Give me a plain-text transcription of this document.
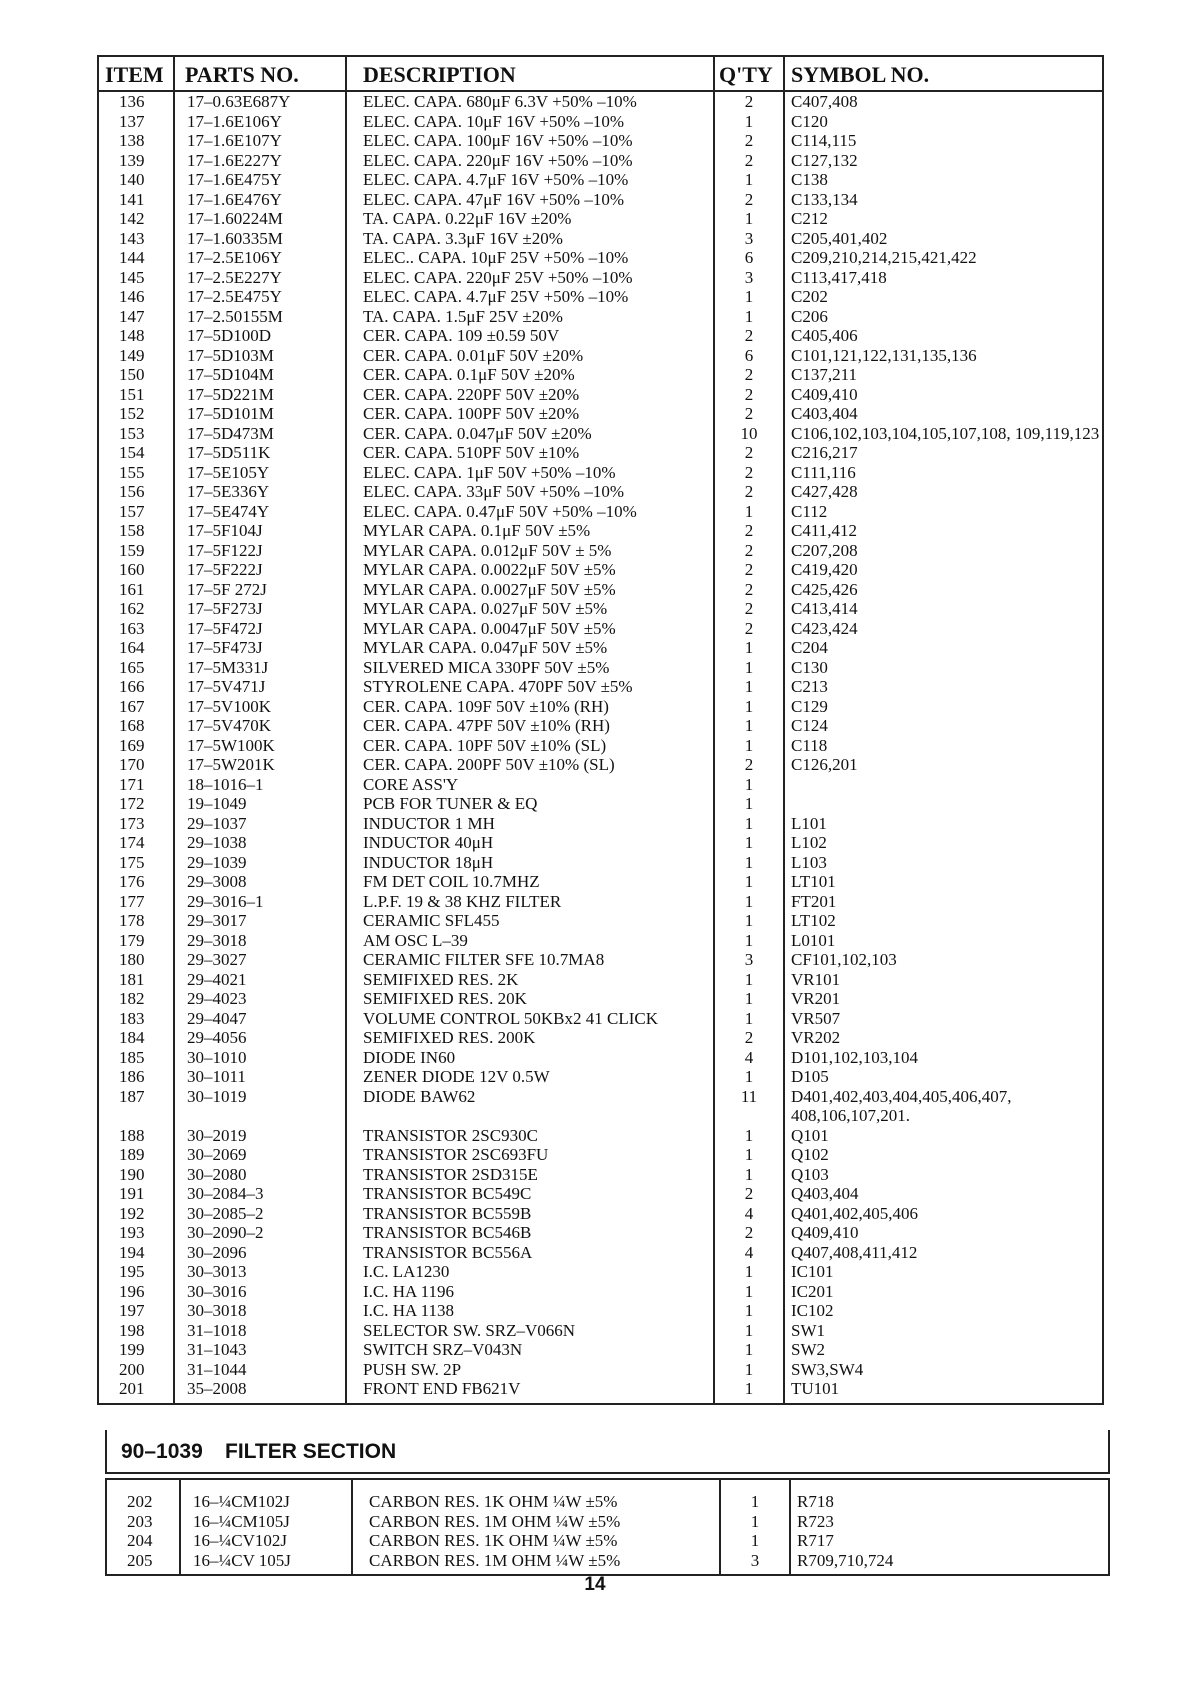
ITEM	PARTS NO.	DESCRIPTION	Q'TY	SYMBOL NO.
136	17–0.63E687Y	ELEC. CAPA. 680μF 6.3V +50% –10%	2	C407,408
137	17–1.6E106Y	ELEC. CAPA. 10μF 16V +50% –10%	1	C120
138	17–1.6E107Y	ELEC. CAPA. 100μF 16V +50% –10%	2	C114,115
139	17–1.6E227Y	ELEC. CAPA. 220μF 16V +50% –10%	2	C127,132
140	17–1.6E475Y	ELEC. CAPA. 4.7μF 16V +50% –10%	1	C138
141	17–1.6E476Y	ELEC. CAPA. 47μF 16V +50% –10%	2	C133,134
142	17–1.60224M	TA. CAPA. 0.22μF 16V ±20%	1	C212
143	17–1.60335M	TA. CAPA. 3.3μF 16V ±20%	3	C205,401,402
144	17–2.5E106Y	ELEC.. CAPA. 10μF 25V +50% –10%	6	C209,210,214,215,421,422
145	17–2.5E227Y	ELEC. CAPA. 220μF 25V +50% –10%	3	C113,417,418
146	17–2.5E475Y	ELEC. CAPA. 4.7μF 25V +50% –10%	1	C202
147	17–2.50155M	TA. CAPA. 1.5μF 25V ±20%	1	C206
148	17–5D100D	CER. CAPA. 109 ±0.59 50V	2	C405,406
149	17–5D103M	CER. CAPA. 0.01μF 50V ±20%	6	C101,121,122,131,135,136
150	17–5D104M	CER. CAPA. 0.1μF 50V ±20%	2	C137,211
151	17–5D221M	CER. CAPA. 220PF 50V ±20%	2	C409,410
152	17–5D101M	CER. CAPA. 100PF 50V ±20%	2	C403,404
153	17–5D473M	CER. CAPA. 0.047μF 50V ±20%	10	C106,102,103,104,105,107,108, 109,119,123
154	17–5D511K	CER. CAPA. 510PF 50V ±10%	2	C216,217
155	17–5E105Y	ELEC. CAPA. 1μF 50V +50% –10%	2	C111,116
156	17–5E336Y	ELEC. CAPA. 33μF 50V +50% –10%	2	C427,428
157	17–5E474Y	ELEC. CAPA. 0.47μF 50V +50% –10%	1	C112
158	17–5F104J	MYLAR CAPA. 0.1μF 50V ±5%	2	C411,412
159	17–5F122J	MYLAR CAPA. 0.012μF 50V ± 5%	2	C207,208
160	17–5F222J	MYLAR CAPA. 0.0022μF 50V ±5%	2	C419,420
161	17–5F 272J	MYLAR CAPA. 0.0027μF 50V ±5%	2	C425,426
162	17–5F273J	MYLAR CAPA. 0.027μF 50V ±5%	2	C413,414
163	17–5F472J	MYLAR CAPA. 0.0047μF 50V ±5%	2	C423,424
164	17–5F473J	MYLAR CAPA. 0.047μF 50V ±5%	1	C204
165	17–5M331J	SILVERED MICA 330PF 50V ±5%	1	C130
166	17–5V471J	STYROLENE CAPA. 470PF 50V ±5%	1	C213
167	17–5V100K	CER. CAPA. 109F 50V ±10% (RH)	1	C129
168	17–5V470K	CER. CAPA. 47PF 50V ±10% (RH)	1	C124
169	17–5W100K	CER. CAPA. 10PF 50V ±10% (SL)	1	C118
170	17–5W201K	CER. CAPA. 200PF 50V ±10% (SL)	2	C126,201
171	18–1016–1	CORE ASS'Y	1	
172	19–1049	PCB FOR TUNER & EQ	1	
173	29–1037	INDUCTOR 1 MH	1	L101
174	29–1038	INDUCTOR 40μH	1	L102
175	29–1039	INDUCTOR 18μH	1	L103
176	29–3008	FM DET COIL 10.7MHZ	1	LT101
177	29–3016–1	L.P.F. 19 & 38 KHZ FILTER	1	FT201
178	29–3017	CERAMIC SFL455	1	LT102
179	29–3018	AM OSC L–39	1	L0101
180	29–3027	CERAMIC FILTER SFE 10.7MA8	3	CF101,102,103
181	29–4021	SEMIFIXED RES. 2K	1	VR101
182	29–4023	SEMIFIXED RES. 20K	1	VR201
183	29–4047	VOLUME CONTROL 50KBx2 41 CLICK	1	VR507
184	29–4056	SEMIFIXED RES. 200K	2	VR202
185	30–1010	DIODE IN60	4	D101,102,103,104
186	30–1011	ZENER DIODE 12V 0.5W	1	D105
187	30–1019	DIODE BAW62	11	D401,402,403,404,405,406,407, 408,106,107,201.
188	30–2019	TRANSISTOR 2SC930C	1	Q101
189	30–2069	TRANSISTOR 2SC693FU	1	Q102
190	30–2080	TRANSISTOR 2SD315E	1	Q103
191	30–2084–3	TRANSISTOR BC549C	2	Q403,404
192	30–2085–2	TRANSISTOR BC559B	4	Q401,402,405,406
193	30–2090–2	TRANSISTOR BC546B	2	Q409,410
194	30–2096	TRANSISTOR BC556A	4	Q407,408,411,412
195	30–3013	I.C. LA1230	1	IC101
196	30–3016	I.C. HA 1196	1	IC201
197	30–3018	I.C. HA 1138	1	IC102
198	31–1018	SELECTOR SW. SRZ–V066N	1	SW1
199	31–1043	SWITCH SRZ–V043N	1	SW2
200	31–1044	PUSH SW. 2P	1	SW3,SW4
201	35–2008	FRONT END FB621V	1	TU101
90–1039 FILTER SECTION
202	16–¼CM102J	CARBON RES. 1K OHM ¼W ±5%	1	R718
203	16–¼CM105J	CARBON RES. 1M OHM ¼W ±5%	1	R723
204	16–¼CV102J	CARBON RES. 1K OHM ¼W ±5%	1	R717
205	16–¼CV 105J	CARBON RES. 1M OHM ¼W ±5%	3	R709,710,724
14
